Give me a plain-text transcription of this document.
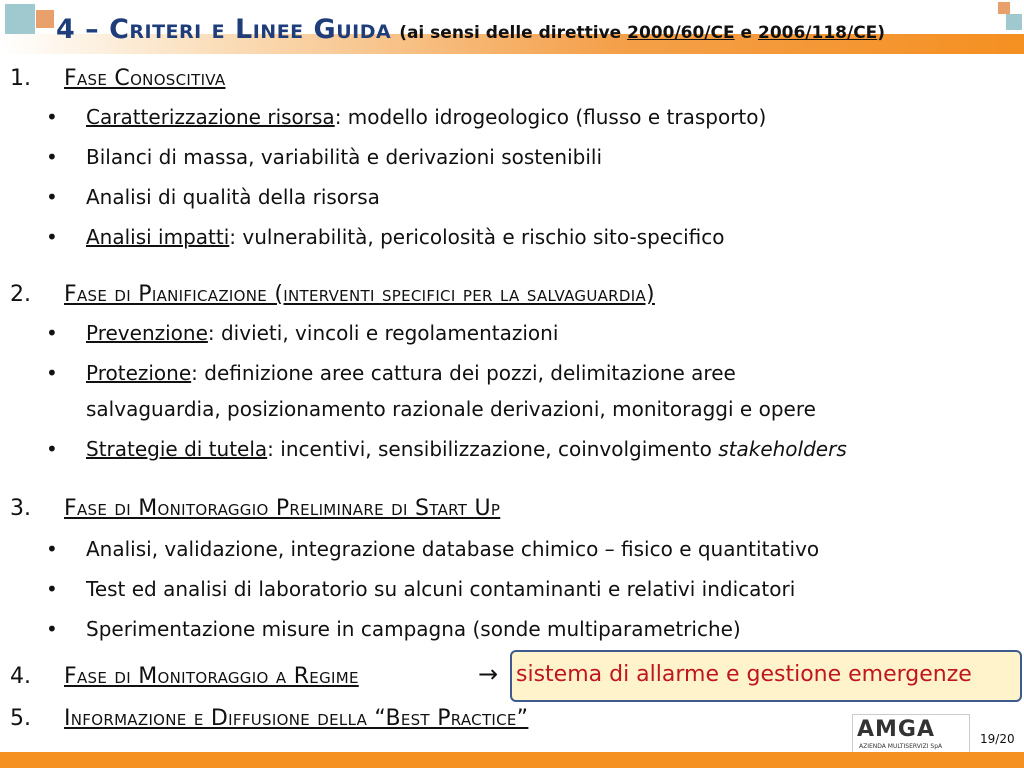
4 – Criteri e Linee Guida (ai sensi delle direttive 2000/60/CE e 2006/118/CE)
1. Fase Conoscitiva
• Caratterizzazione risorsa: modello idrogeologico (flusso e trasporto)
• Bilanci di massa, variabilità e derivazioni sostenibili
• Analisi di qualità della risorsa
• Analisi impatti: vulnerabilità, pericolosità e rischio sito-specifico
2. Fase di Pianificazione (interventi specifici per la salvaguardia)
• Prevenzione: divieti, vincoli e regolamentazioni
• Protezione: definizione aree cattura dei pozzi, delimitazione aree
salvaguardia, posizionamento razionale derivazioni, monitoraggi e opere
• Strategie di tutela: incentivi, sensibilizzazione, coinvolgimento stakeholders
3. Fase di Monitoraggio Preliminare di Start Up
• Analisi, validazione, integrazione database chimico – fisico e quantitativo
• Test ed analisi di laboratorio su alcuni contaminanti e relativi indicatori
• Sperimentazione misure in campagna (sonde multiparametriche)
4. Fase di Monitoraggio a Regime	→ sistema di allarme e gestione emergenze
5. Informazione e Diffusione della “Best Practice”	AMGA
AZIENDA MULTISERVIZI SpA
19/20
